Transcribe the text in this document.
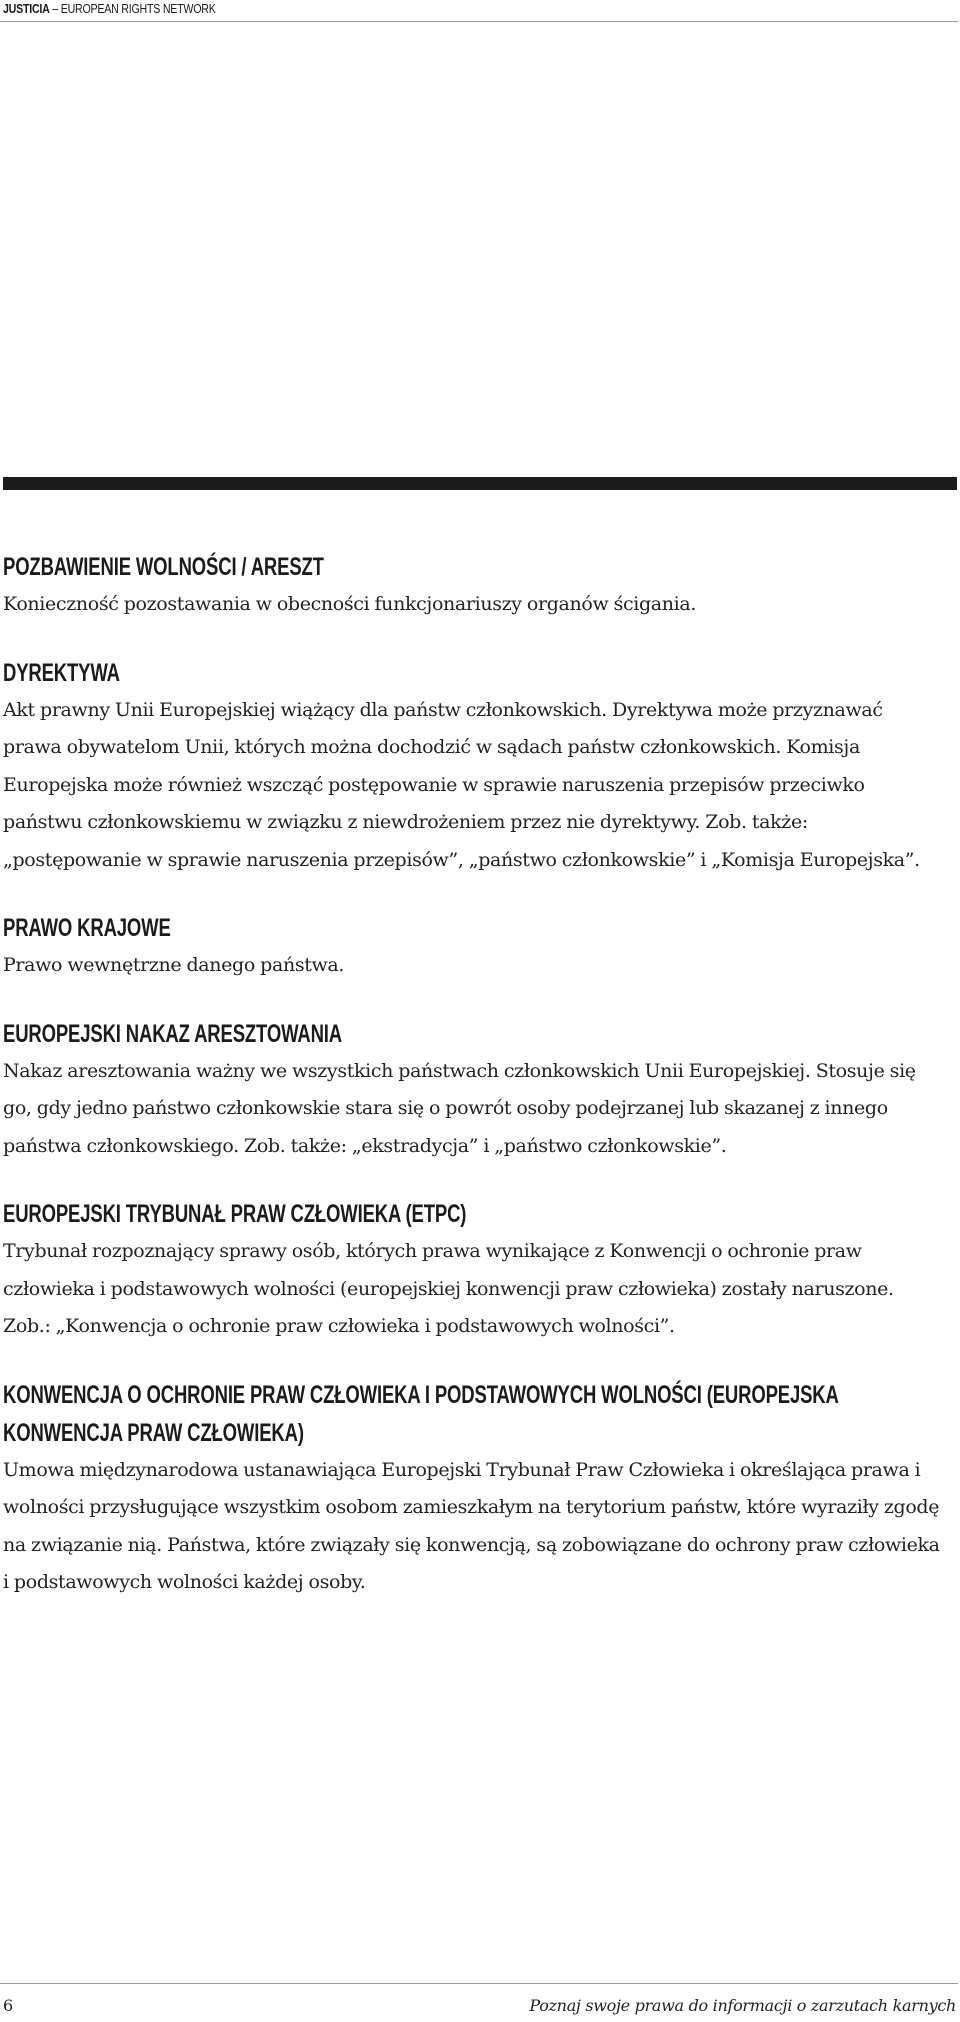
JUSTICIA – EUROPEAN RIGHTS NETWORK
POZBAWIENIE WOLNOŚCI / ARESZT

Konieczność pozostawania w obecności funkcjonariuszy organów ścigania.

DYREKTYWA

Akt prawny Unii Europejskiej wiążący dla państw członkowskich. Dyrektywa może przyznawać prawa obywatelom Unii, których można dochodzić w sądach państw członkowskich. Komisja Europejska może również wszcząć postępowanie w sprawie naruszenia przepisów przeciwko państwu członkowskiemu w związku z niewdrożeniem przez nie dyrektywy. Zob. także: „postępowanie w sprawie naruszenia przepisów”, „państwo członkowskie” i „Komisja Europejska”.

PRAWO KRAJOWE

Prawo wewnętrzne danego państwa.

EUROPEJSKI NAKAZ ARESZTOWANIA

Nakaz aresztowania ważny we wszystkich państwach członkowskich Unii Europejskiej. Stosuje się go, gdy jedno państwo członkowskie stara się o powrót osoby podejrzanej lub skazanej z innego państwa członkowskiego. Zob. także: „ekstradycja” i „państwo członkowskie”.

EUROPEJSKI TRYBUNAŁ PRAW CZŁOWIEKA (ETPC)

Trybunał rozpoznający sprawy osób, których prawa wynikające z Konwencji o ochronie praw człowieka i podstawowych wolności (europejskiej konwencji praw człowieka) zostały naruszone. Zob.: „Konwencja o ochronie praw człowieka i podstawowych wolności”.

KONWENCJA O OCHRONIE PRAW CZŁOWIEKA I PODSTAWOWYCH WOLNOŚCI (EUROPEJSKA KONWENCJA PRAW CZŁOWIEKA)

Umowa międzynarodowa ustanawiająca Europejski Trybunał Praw Człowieka i określająca prawa i wolności przysługujące wszystkim osobom zamieszkałym na terytorium państw, które wyraziły zgodę na związanie nią. Państwa, które związały się konwencją, są zobowiązane do ochrony praw człowieka i podstawowych wolności każdej osoby.

6	Poznaj swoje prawa do informacji o zarzutach karnych
